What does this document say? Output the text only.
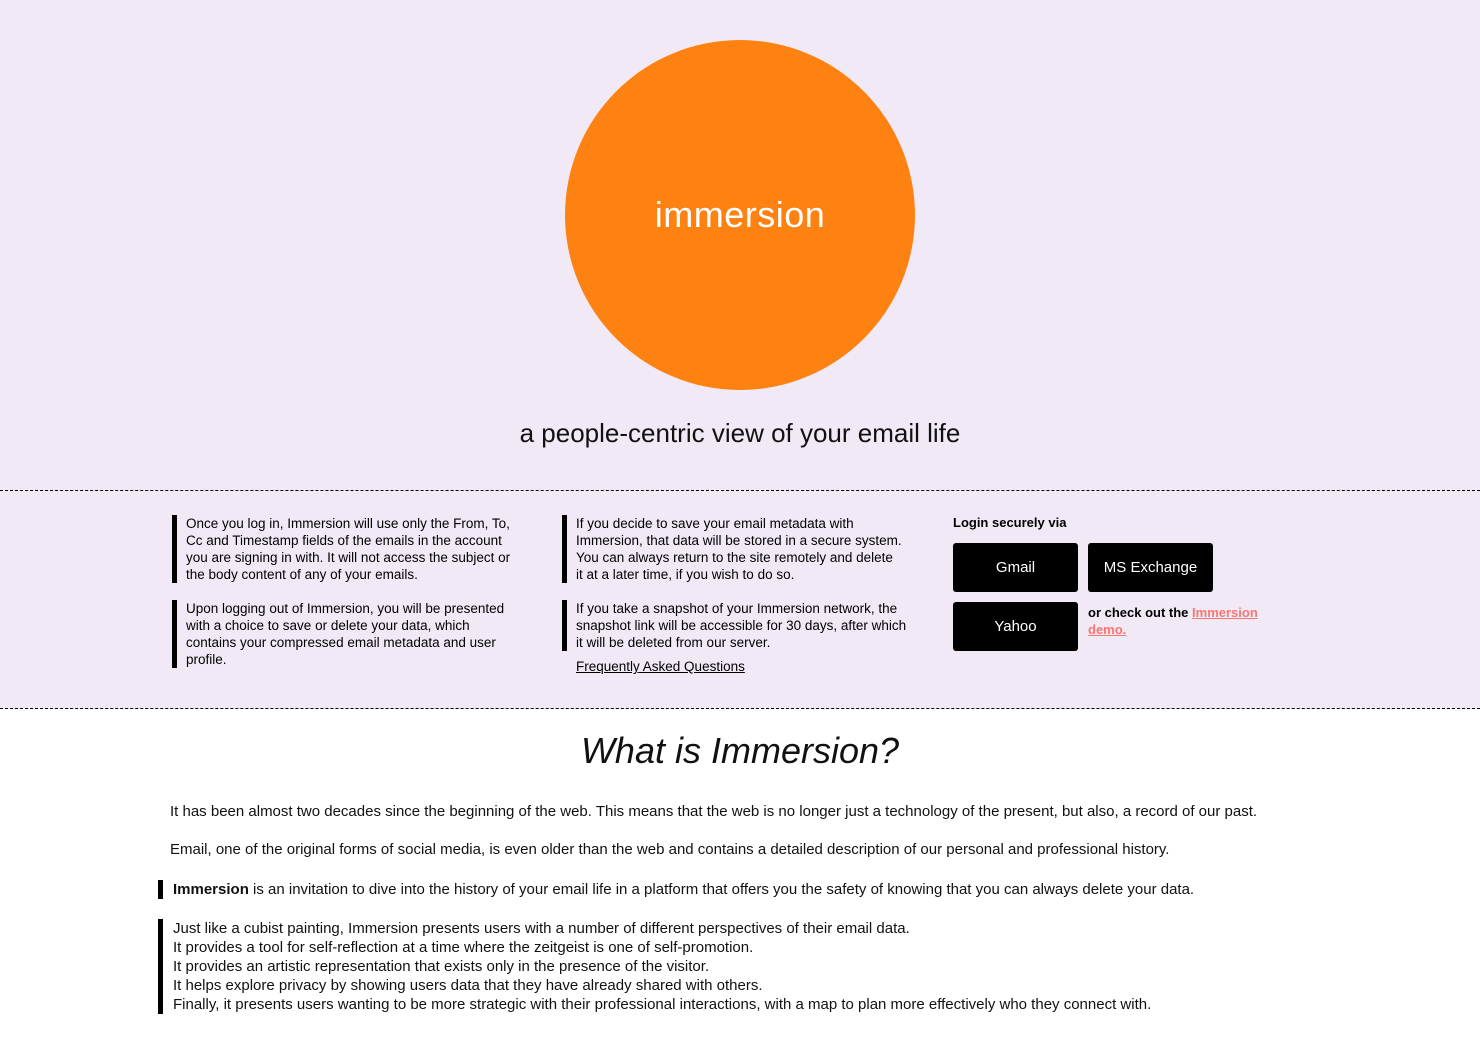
immersion
a people-centric view of your email life
Once you log in, Immersion will use only the From, To, Cc and Timestamp fields of the emails in the account you are signing in with. It will not access the subject or the body content of any of your emails.
Upon logging out of Immersion, you will be presented with a choice to save or delete your data, which contains your compressed email metadata and user profile.
If you decide to save your email metadata with Immersion, that data will be stored in a secure system. You can always return to the site remotely and delete it at a later time, if you wish to do so.
If you take a snapshot of your Immersion network, the snapshot link will be accessible for 30 days, after which it will be deleted from our server.
Frequently Asked Questions
Login securely via
Gmail	MS Exchange
Yahoo
or check out the Immersion demo.
What is Immersion?

It has been almost two decades since the beginning of the web. This means that the web is no longer just a technology of the present, but also, a record of our past.

Email, one of the original forms of social media, is even older than the web and contains a detailed description of our personal and professional history.

Immersion is an invitation to dive into the history of your email life in a platform that offers you the safety of knowing that you can always delete your data.
Just like a cubist painting, Immersion presents users with a number of different perspectives of their email data.
It provides a tool for self-reflection at a time where the zeitgeist is one of self-promotion.
It provides an artistic representation that exists only in the presence of the visitor.
It helps explore privacy by showing users data that they have already shared with others.
Finally, it presents users wanting to be more strategic with their professional interactions, with a map to plan more effectively who they connect with.
